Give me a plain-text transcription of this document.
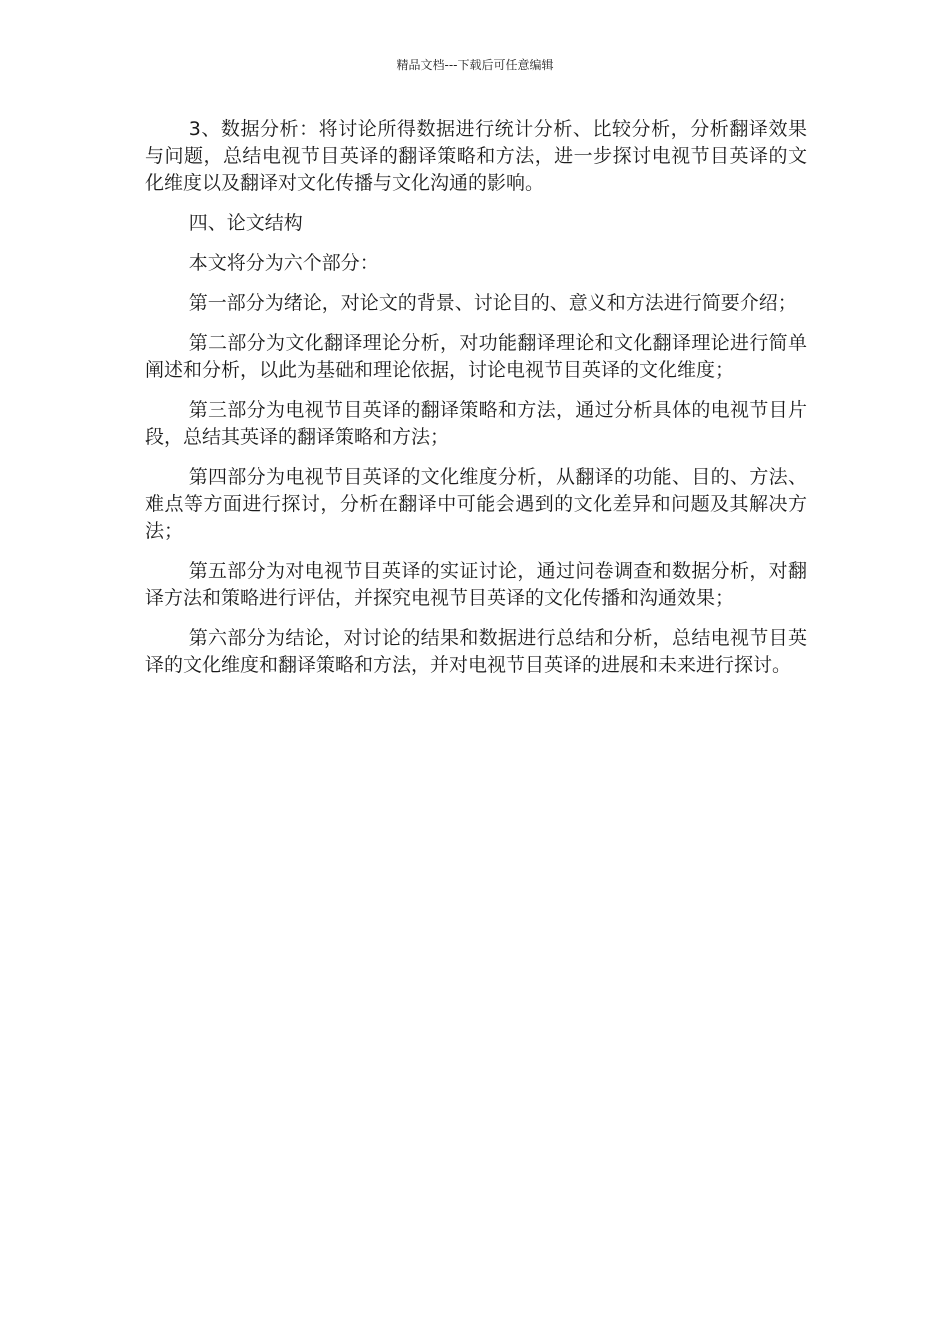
精品文档---下载后可任意编辑

3、数据分析：将讨论所得数据进行统计分析、比较分析，分析翻译效果与问题，总结电视节目英译的翻译策略和方法，进一步探讨电视节目英译的文化维度以及翻译对文化传播与文化沟通的影响。

四、论文结构

本文将分为六个部分：

第一部分为绪论，对论文的背景、讨论目的、意义和方法进行简要介绍；

第二部分为文化翻译理论分析，对功能翻译理论和文化翻译理论进行简单阐述和分析，以此为基础和理论依据，讨论电视节目英译的文化维度；

第三部分为电视节目英译的翻译策略和方法，通过分析具体的电视节目片段，总结其英译的翻译策略和方法；

第四部分为电视节目英译的文化维度分析，从翻译的功能、目的、方法、难点等方面进行探讨，分析在翻译中可能会遇到的文化差异和问题及其解决方法；

第五部分为对电视节目英译的实证讨论，通过问卷调查和数据分析，对翻译方法和策略进行评估，并探究电视节目英译的文化传播和沟通效果；

第六部分为结论，对讨论的结果和数据进行总结和分析，总结电视节目英译的文化维度和翻译策略和方法，并对电视节目英译的进展和未来进行探讨。
